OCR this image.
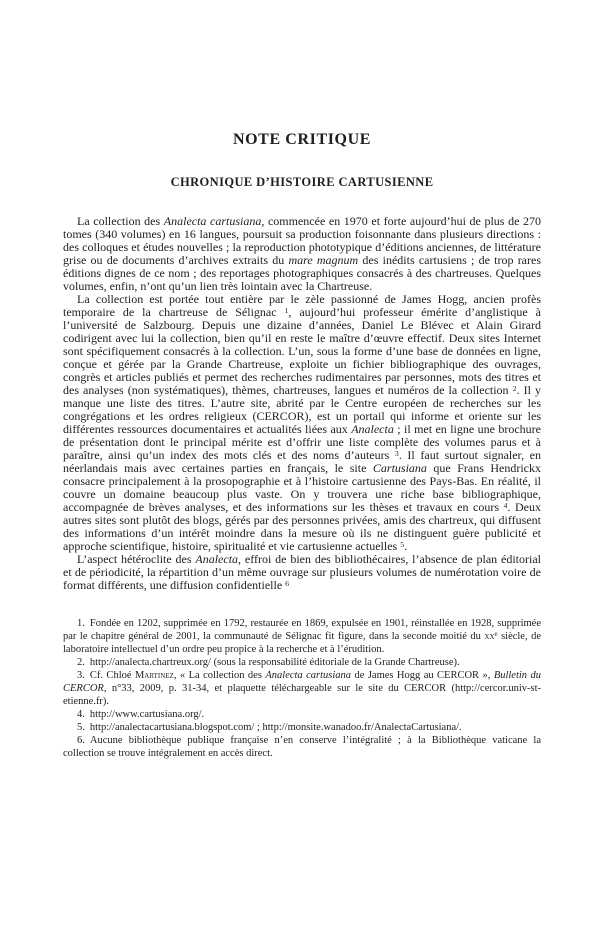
NOTE CRITIQUE
CHRONIQUE D’HISTOIRE CARTUSIENNE

La collection des Analecta cartusiana, commencée en 1970 et forte aujourd’hui de plus de 270 tomes (340 volumes) en 16 langues, poursuit sa production foisonnante dans plusieurs directions : des colloques et études nouvelles ; la reproduction phototypique d’éditions anciennes, de littérature grise ou de documents d’archives extraits du mare magnum des inédits cartusiens ; de trop rares éditions dignes de ce nom ; des reportages photographiques consacrés à des chartreuses. Quelques volumes, enfin, n’ont qu’un lien très lointain avec la Chartreuse.

La collection est portée tout entière par le zèle passionné de James Hogg, ancien profès temporaire de la chartreuse de Sélignac $^1$, aujourd’hui professeur émérite d’anglistique à l’université de Salzbourg. Depuis une dizaine d’années, Daniel Le Blévec et Alain Girard codirigent avec lui la collection, bien qu’il en reste le maître d’œuvre effectif. Deux sites Internet sont spécifiquement consacrés à la collection. L’un, sous la forme d’une base de données en ligne, conçue et gérée par la Grande Chartreuse, exploite un fichier bibliographique des ouvrages, congrès et articles publiés et permet des recherches rudimentaires par personnes, mots des titres et des analyses (non systématiques), thèmes, chartreuses, langues et numéros de la collection $^2$. Il y manque une liste des titres. L’autre site, abrité par le Centre européen de recherches sur les congrégations et les ordres religieux (CERCOR), est un portail qui informe et oriente sur les différentes ressources documentaires et actualités liées aux Analecta ; il met en ligne une brochure de présentation dont le principal mérite est d’offrir une liste complète des volumes parus et à paraître, ainsi qu’un index des mots clés et des noms d’auteurs $^3$. Il faut surtout signaler, en néerlandais mais avec certaines parties en français, le site Cartusiana que Frans Hendrickx consacre principalement à la prosopographie et à l’histoire cartusienne des Pays-Bas. En réalité, il couvre un domaine beaucoup plus vaste. On y trouvera une riche base bibliographique, accompagnée de brèves analyses, et des informations sur les thèses et travaux en cours $^4$. Deux autres sites sont plutôt des blogs, gérés par des personnes privées, amis des chartreux, qui diffusent des informations d’un intérêt moindre dans la mesure où ils ne distinguent guère publicité et approche scientifique, histoire, spiritualité et vie cartusienne actuelles $^5$.

L’aspect hétéroclite des Analecta, effroi de bien des bibliothécaires, l’absence de plan éditorial et de périodicité, la répartition d’un même ouvrage sur plusieurs volumes de numérotation voire de format différents, une diffusion confidentielle $^6$

1. Fondée en 1202, supprimée en 1792, restaurée en 1869, expulsée en 1901, réinstallée en 1928, supprimée par le chapitre général de 2001, la communauté de Sélignac fit figure, dans la seconde moitié du $xx^e$ siècle, de laboratoire intellectuel d’un ordre peu propice à la recherche et à l’érudition.

2. http://analecta.chartreux.org/ (sous la responsabilité éditoriale de la Grande Chartreuse).

3. Cf. Chloé Martinez, « La collection des Analecta cartusiana de James Hogg au CERCOR », Bulletin du CERCOR, n°33, 2009, p. 31-34, et plaquette téléchargeable sur le site du CERCOR (http://cercor.univ-st-etienne.fr).

4. http://www.cartusiana.org/.

5. http://analectacartusiana.blogspot.com/ ; http://monsite.wanadoo.fr/AnalectaCartusiana/.

6. Aucune bibliothèque publique française n’en conserve l’intégralité ; à la Bibliothèque vaticane la collection se trouve intégralement en accès direct.
